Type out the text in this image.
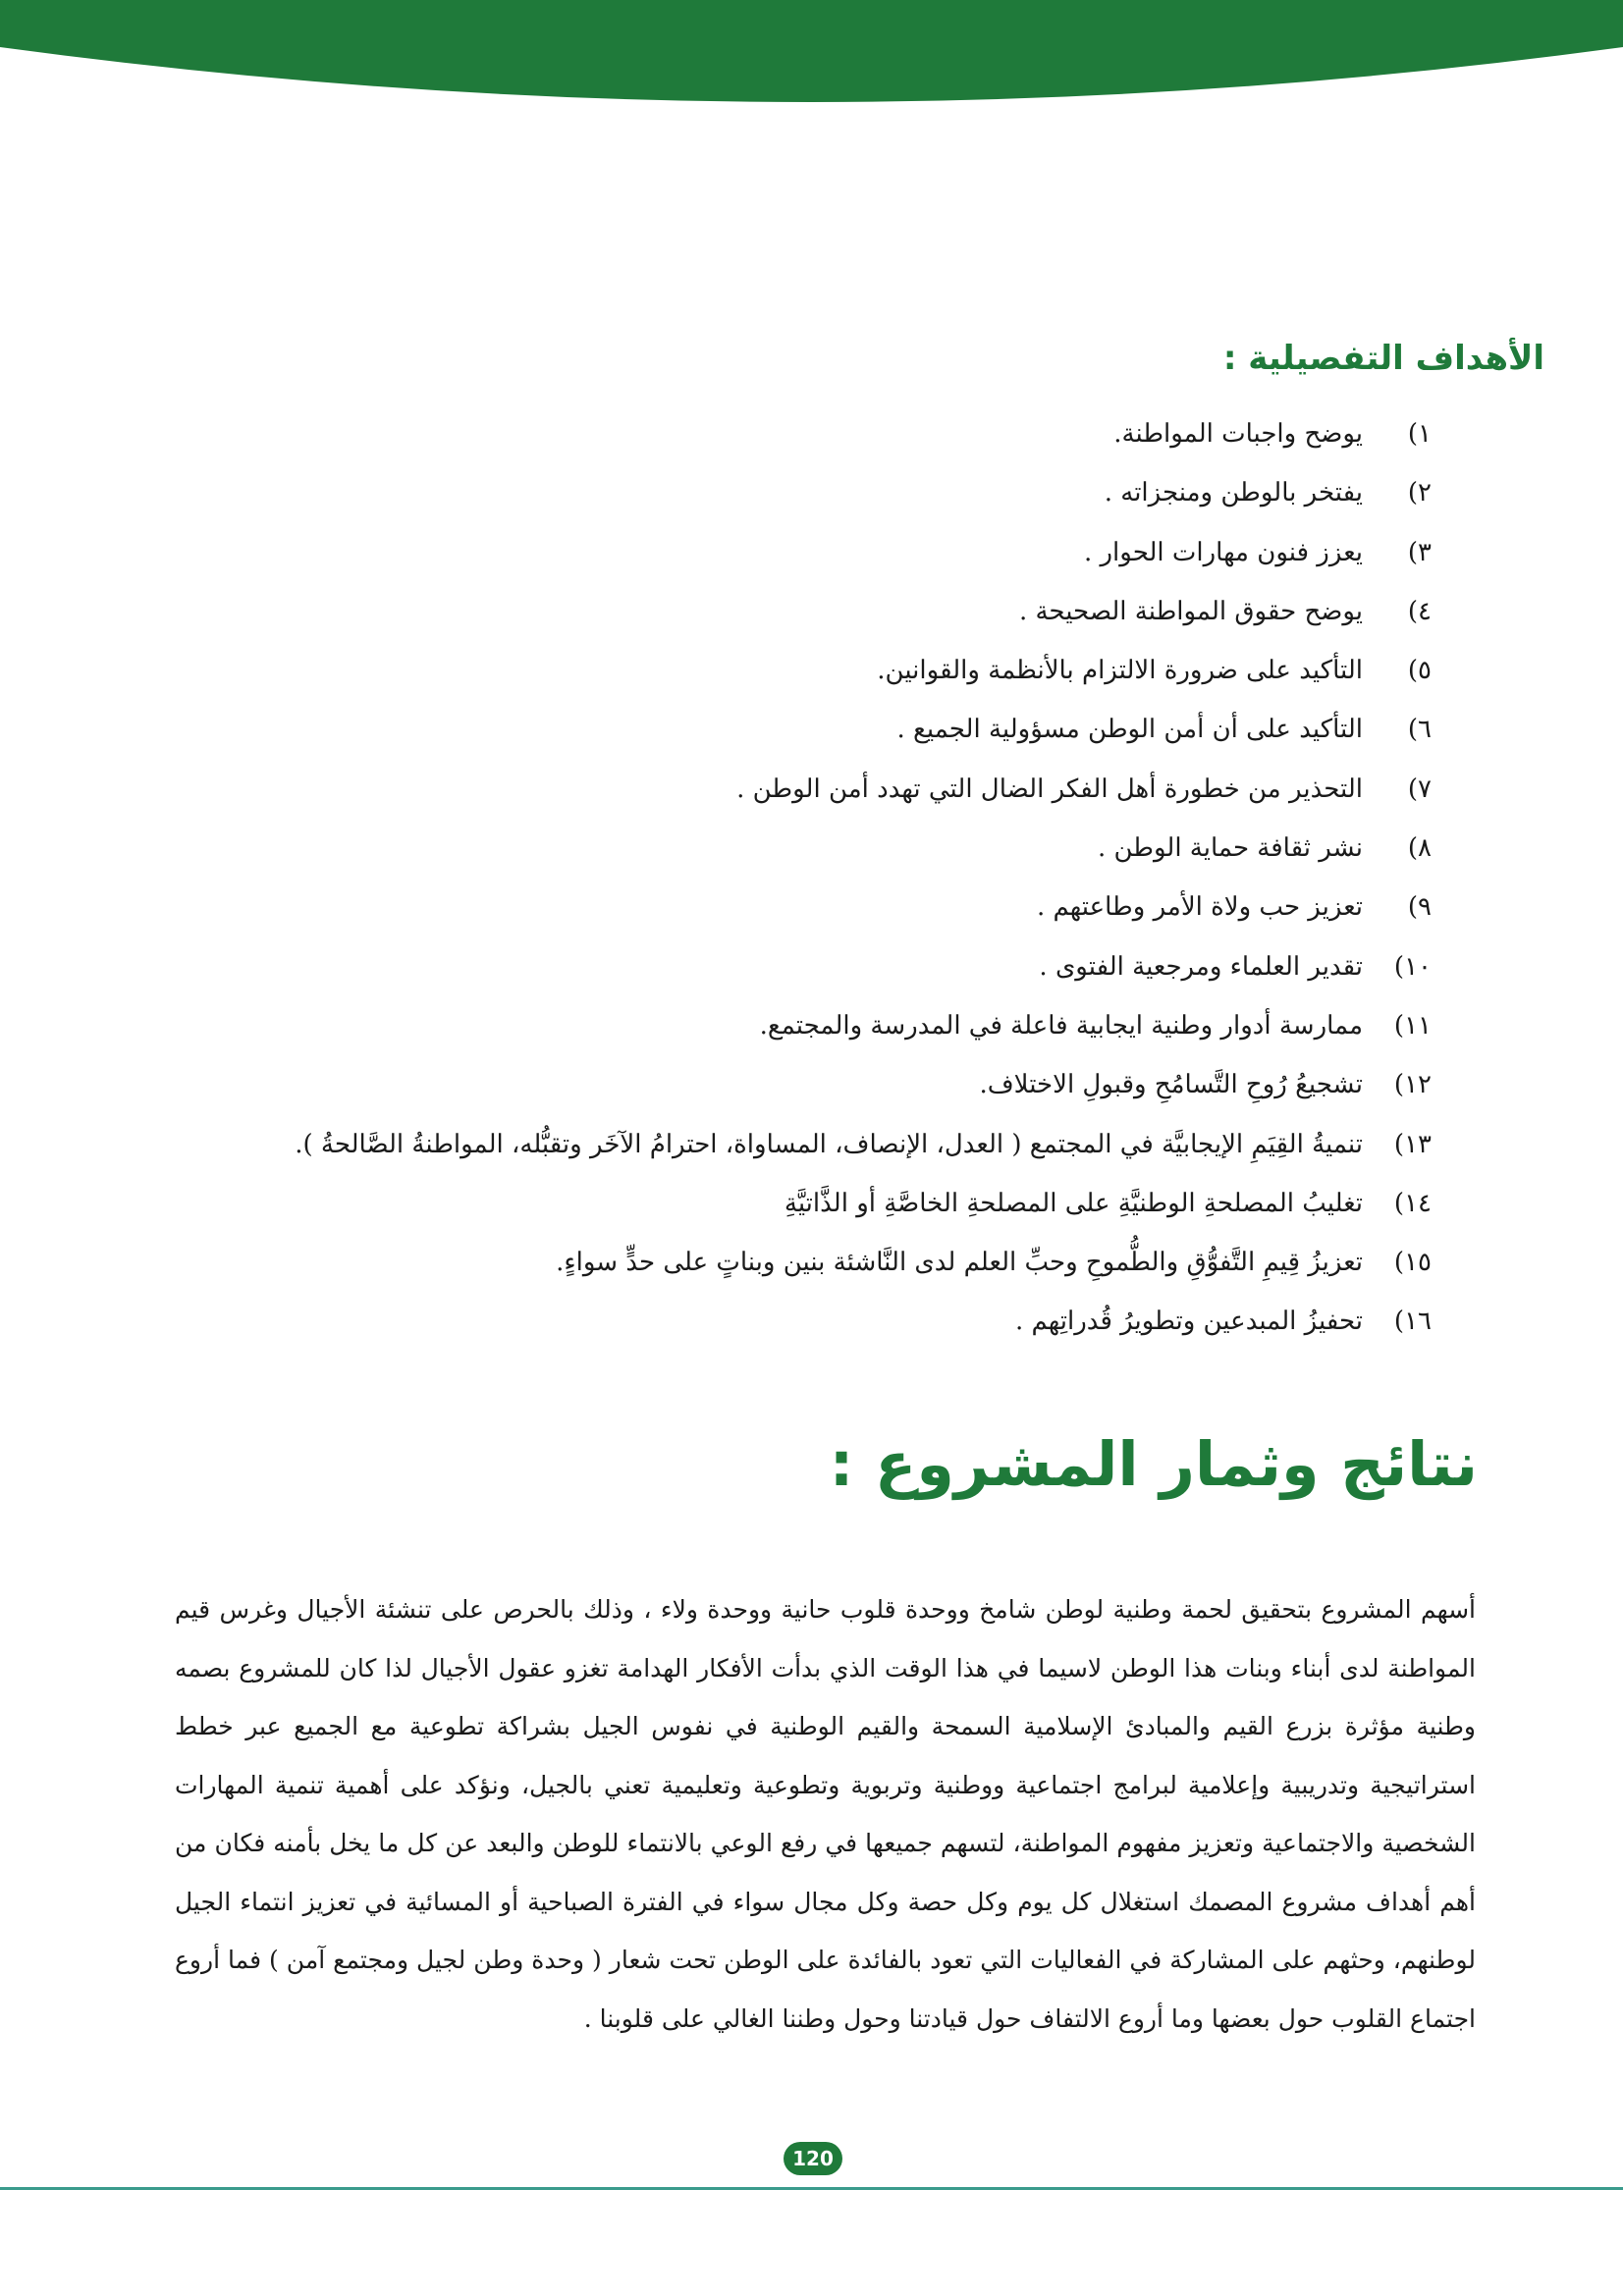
الأهداف التفصيلية :
١)
يوضح واجبات المواطنة.
٢)
يفتخر بالوطن ومنجزاته .
٣)
يعزز فنون مهارات الحوار .
٤)
يوضح حقوق المواطنة الصحيحة .
٥)
التأكيد على ضرورة الالتزام بالأنظمة والقوانين.
٦)
التأكيد على أن أمن الوطن مسؤولية الجميع .
٧)
التحذير من خطورة أهل الفكر الضال التي تهدد أمن الوطن .
٨)
نشر ثقافة حماية الوطن .
٩)
تعزيز حب ولاة الأمر وطاعتهم .
١٠)
تقدير العلماء ومرجعية الفتوى .
١١)
ممارسة أدوار وطنية ايجابية فاعلة في المدرسة والمجتمع.
١٢)
تشجيعُ رُوحِ التَّسامُحِ وقبولِ الاختلاف.
١٣)
تنميةُ القِيَمِ الإيجابيَّة في المجتمع ( العدل، الإنصاف، المساواة، احترامُ الآخَر وتقبُّله، المواطنةُ الصَّالحةُ ).
١٤)
تغليبُ المصلحةِ الوطنيَّةِ على المصلحةِ الخاصَّةِ أو الذَّاتيَّةِ
١٥)
تعزيزُ قِيمِ التَّفوُّقِ والطُّموحِ وحبِّ العلم لدى النَّاشئة بنين وبناتٍ على حدٍّ سواءٍ.
١٦)
تحفيزُ المبدعين وتطويرُ قُدراتِهم .
نتائج وثمار المشروع :

أسهم المشروع بتحقيق لحمة وطنية لوطن شامخ ووحدة قلوب حانية ووحدة ولاء ، وذلك بالحرص على تنشئة الأجيال وغرس قيم المواطنة لدى أبناء وبنات هذا الوطن لاسيما في هذا الوقت الذي بدأت الأفكار الهدامة تغزو عقول الأجيال لذا كان للمشروع بصمه وطنية مؤثرة بزرع القيم والمبادئ الإسلامية السمحة والقيم الوطنية في نفوس الجيل بشراكة تطوعية مع الجميع عبر خطط استراتيجية وتدريبية وإعلامية لبرامج اجتماعية ووطنية وتربوية وتطوعية وتعليمية تعني بالجيل، ونؤكد على أهمية تنمية المهارات الشخصية والاجتماعية وتعزيز مفهوم المواطنة، لتسهم جميعها في رفع الوعي بالانتماء للوطن والبعد عن كل ما يخل بأمنه فكان من أهم أهداف مشروع المصمك استغلال كل يوم وكل حصة وكل مجال سواء في الفترة الصباحية أو المسائية في تعزيز انتماء الجيل لوطنهم، وحثهم على المشاركة في الفعاليات التي تعود بالفائدة على الوطن تحت شعار ( وحدة وطن لجيل ومجتمع آمن ) فما أروع اجتماع القلوب حول بعضها وما أروع الالتفاف حول قيادتنا وحول وطننا الغالي على قلوبنا .

120
